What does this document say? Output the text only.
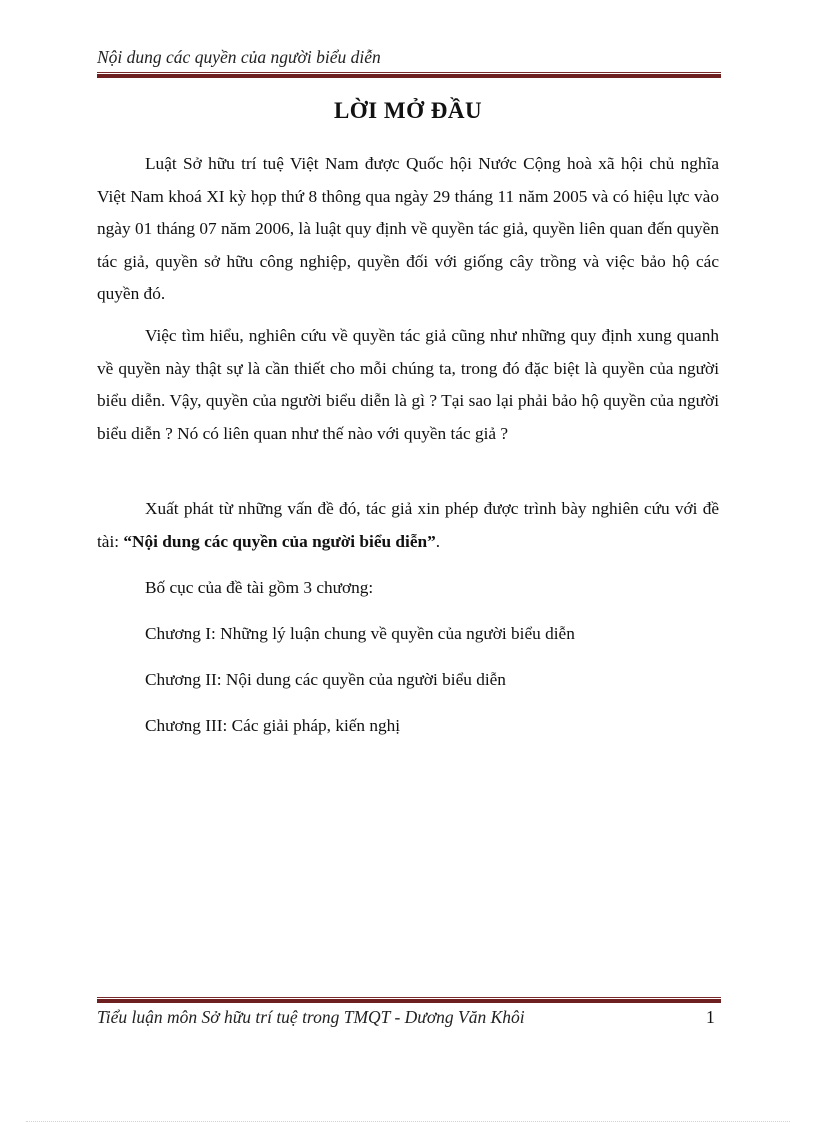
Nội dung các quyền của người biểu diễn
LỜI MỞ ĐẦU

Luật Sở hữu trí tuệ Việt Nam được Quốc hội Nước Cộng hoà xã hội chủ nghĩa Việt Nam khoá XI kỳ họp thứ 8 thông qua ngày 29 tháng 11 năm 2005 và có hiệu lực vào ngày 01 tháng 07 năm 2006, là luật quy định về quyền tác giả, quyền liên quan đến quyền tác giả, quyền sở hữu công nghiệp, quyền đối với giống cây trồng và việc bảo hộ các quyền đó.

Việc tìm hiểu, nghiên cứu về quyền tác giả cũng như những quy định xung quanh về quyền này thật sự là cần thiết cho mỗi chúng ta, trong đó đặc biệt là quyền của người biểu diễn. Vậy, quyền của người biểu diễn là gì ? Tại sao lại phải bảo hộ quyền của người biểu diễn ? Nó có liên quan như thế nào với quyền tác giả ?

Xuất phát từ những vấn đề đó, tác giả xin phép được trình bày nghiên cứu với đề tài: “Nội dung các quyền của người biểu diễn”.

Bố cục của đề tài gồm 3 chương:
Chương I: Những lý luận chung về quyền của người biểu diễn
Chương II: Nội dung các quyền của người biểu diễn
Chương III: Các giải pháp, kiến nghị
Tiểu luận môn Sở hữu trí tuệ trong TMQT - Dương Văn Khôi	1
